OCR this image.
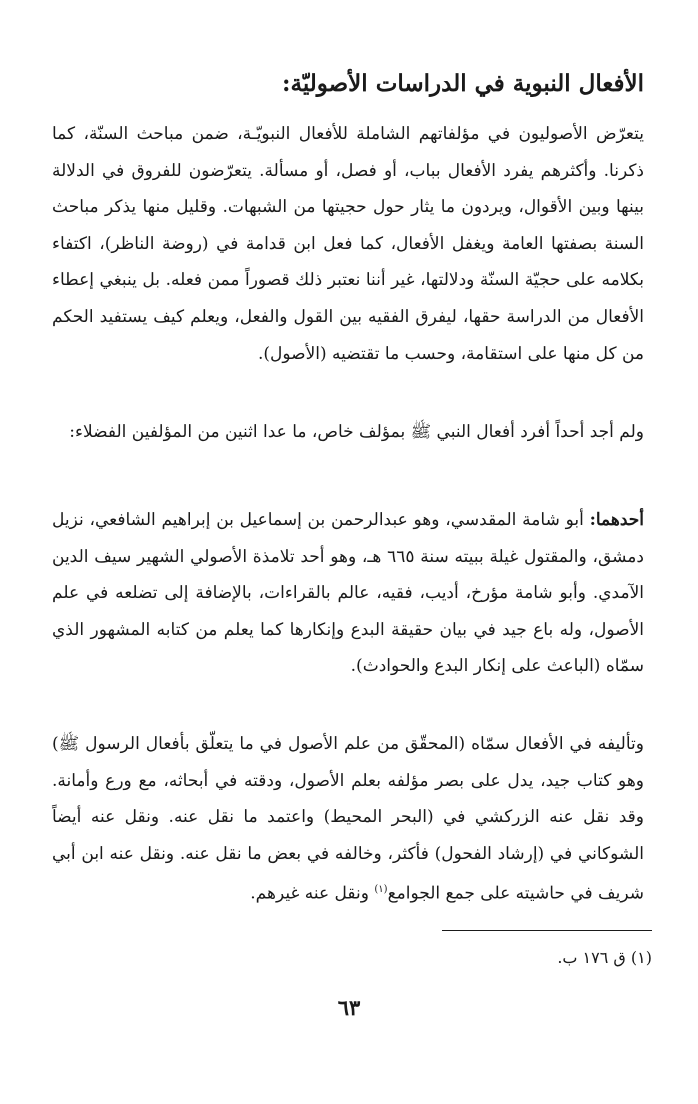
الأفعال النبوية في الدراسات الأصوليّة:

يتعرّض الأصوليون في مؤلفاتهم الشاملة للأفعال النبويّـة، ضمن مباحث السنّة، كما ذكرنا. وأكثرهم يفرد الأفعال بباب، أو فصل، أو مسألة. يتعرّضون للفروق في الدلالة بينها وبين الأقوال، ويردون ما يثار حول حجيتها من الشبهات. وقليل منها يذكر مباحث السنة بصفتها العامة ويغفل الأفعال، كما فعل ابن قدامة في (روضة الناظر)، اكتفاء بكلامه على حجيّة السنّة ودلالتها، غير أننا نعتبر ذلك قصوراً ممن فعله. بل ينبغي إعطاء الأفعال من الدراسة حقها، ليفرق الفقيه بين القول والفعل، ويعلم كيف يستفيد الحكم من كل منها على استقامة، وحسب ما تقتضيه (الأصول).

ولم أجد أحداً أفرد أفعال النبي ﷺ بمؤلف خاص، ما عدا اثنين من المؤلفين الفضلاء:

أحدهما: أبو شامة المقدسي، وهو عبدالرحمن بن إسماعيل بن إبراهيم الشافعي، نزيل دمشق، والمقتول غيلة ببيته سنة ٦٦٥ هـ، وهو أحد تلامذة الأصولي الشهير سيف الدين الآمدي. وأبو شامة مؤرخ، أديب، فقيه، عالم بالقراءات، بالإضافة إلى تضلعه في علم الأصول، وله باع جيد في بيان حقيقة البدع وإنكارها كما يعلم من كتابه المشهور الذي سمّاه (الباعث على إنكار البدع والحوادث).

وتأليفه في الأفعال سمّاه (المحقّق من علم الأصول في ما يتعلّق بأفعال الرسول ﷺ) وهو كتاب جيد، يدل على بصر مؤلفه بعلم الأصول، ودقته في أبحاثه، مع ورع وأمانة. وقد نقل عنه الزركشي في (البحر المحيط) واعتمد ما نقل عنه. ونقل عنه أيضاً الشوكاني في (إرشاد الفحول) فأكثر، وخالفه في بعض ما نقل عنه. ونقل عنه ابن أبي شريف في حاشيته على جمع الجوامع$^{(١)}$ ونقل عنه غيرهم.

(١) ق ١٧٦ ب.
٦٣
